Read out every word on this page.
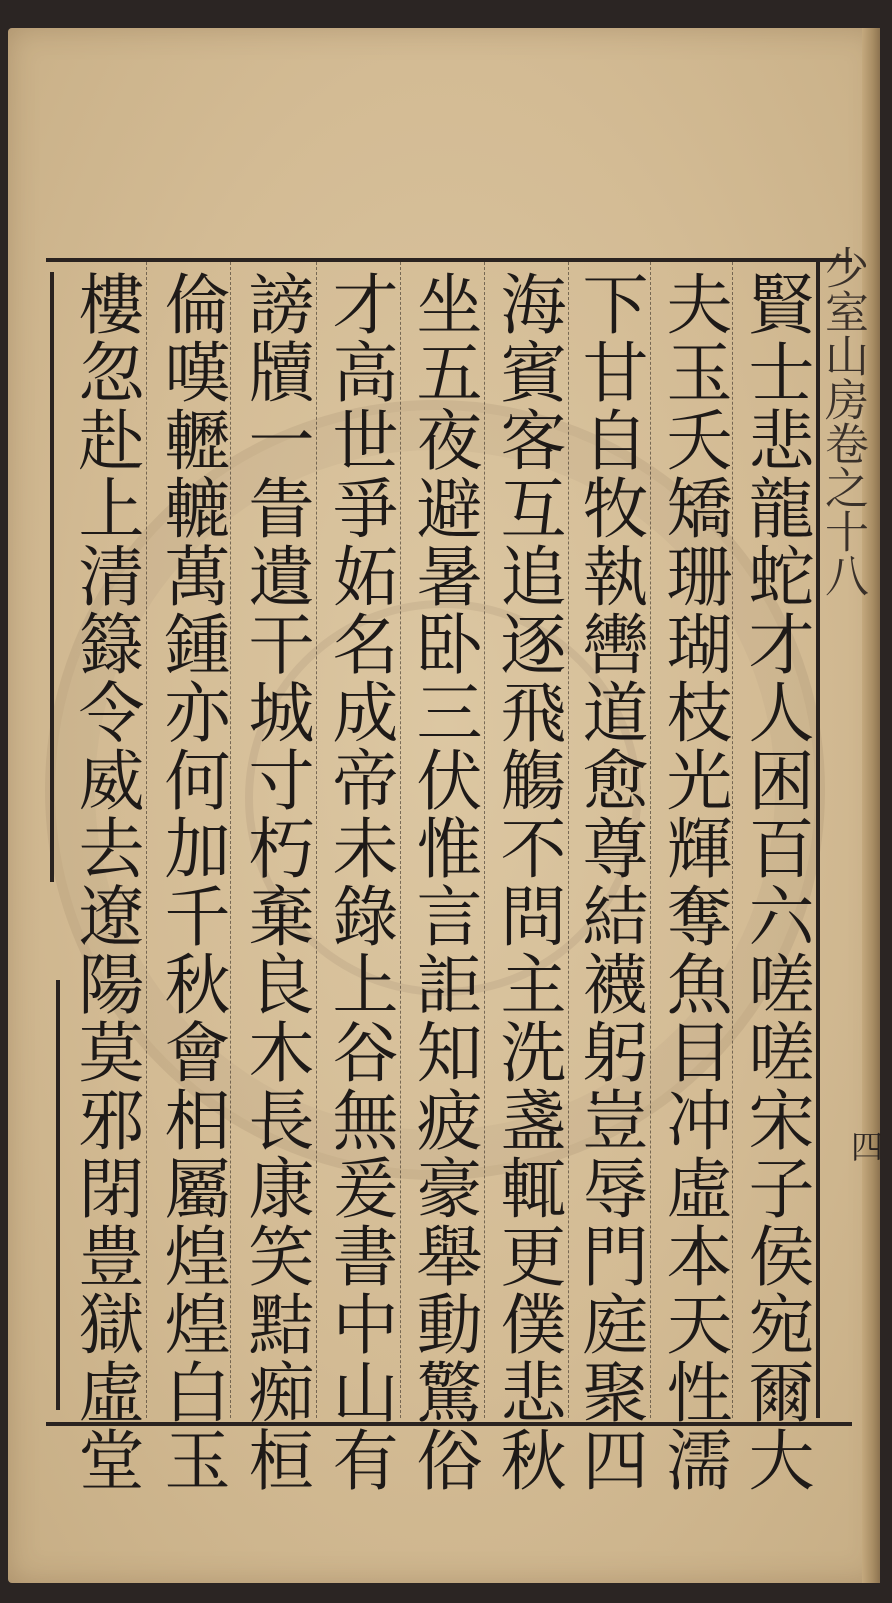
少室山房卷之十八
四
賢士悲龍蛇才人困百六嗟嗟宋子侯宛爾大
夫玉夭矯珊瑚枝光輝奪魚目冲虛本天性濡
下甘自牧執轡道愈尊結襪躬豈辱門庭聚四
海賓客互追逐飛觴不問主洗盞輒更僕悲秋
坐五夜避暑卧三伏惟言詎知疲豪舉動驚俗
才高世爭妬名成帝未錄上谷無爰書中山有
謗牘一眚遺干城寸朽棄良木長康笑黠痴桓
倫嘆轣轆萬鍾亦何加千秋會相屬煌煌白玉
樓忽赴上清籙令威去遼陽莫邪閉豊獄虛堂
